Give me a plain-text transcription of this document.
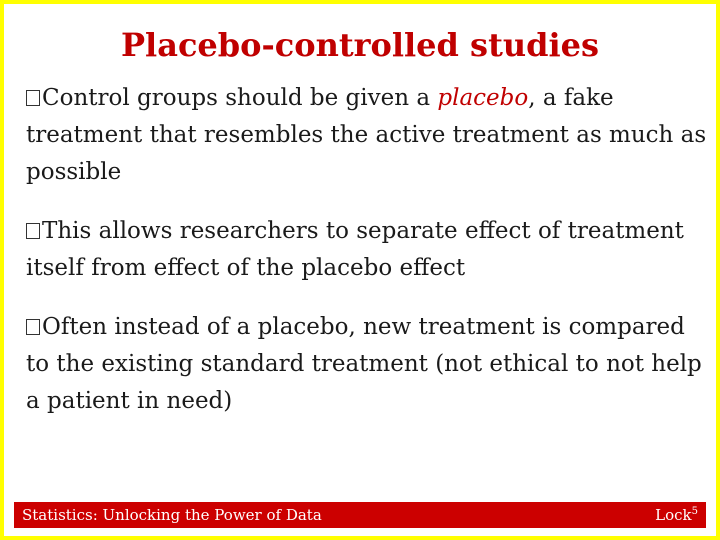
Placebo-controlled studies
Control groups should be given a placebo, a fake treatment that resembles the active treatment as much as possible
This allows researchers to separate effect of treatment itself from effect of the placebo effect
Often instead of a placebo, new treatment is compared to the existing standard treatment (not ethical to not help a patient in need)
Statistics: Unlocking the Power of Data	Lock$^5$
